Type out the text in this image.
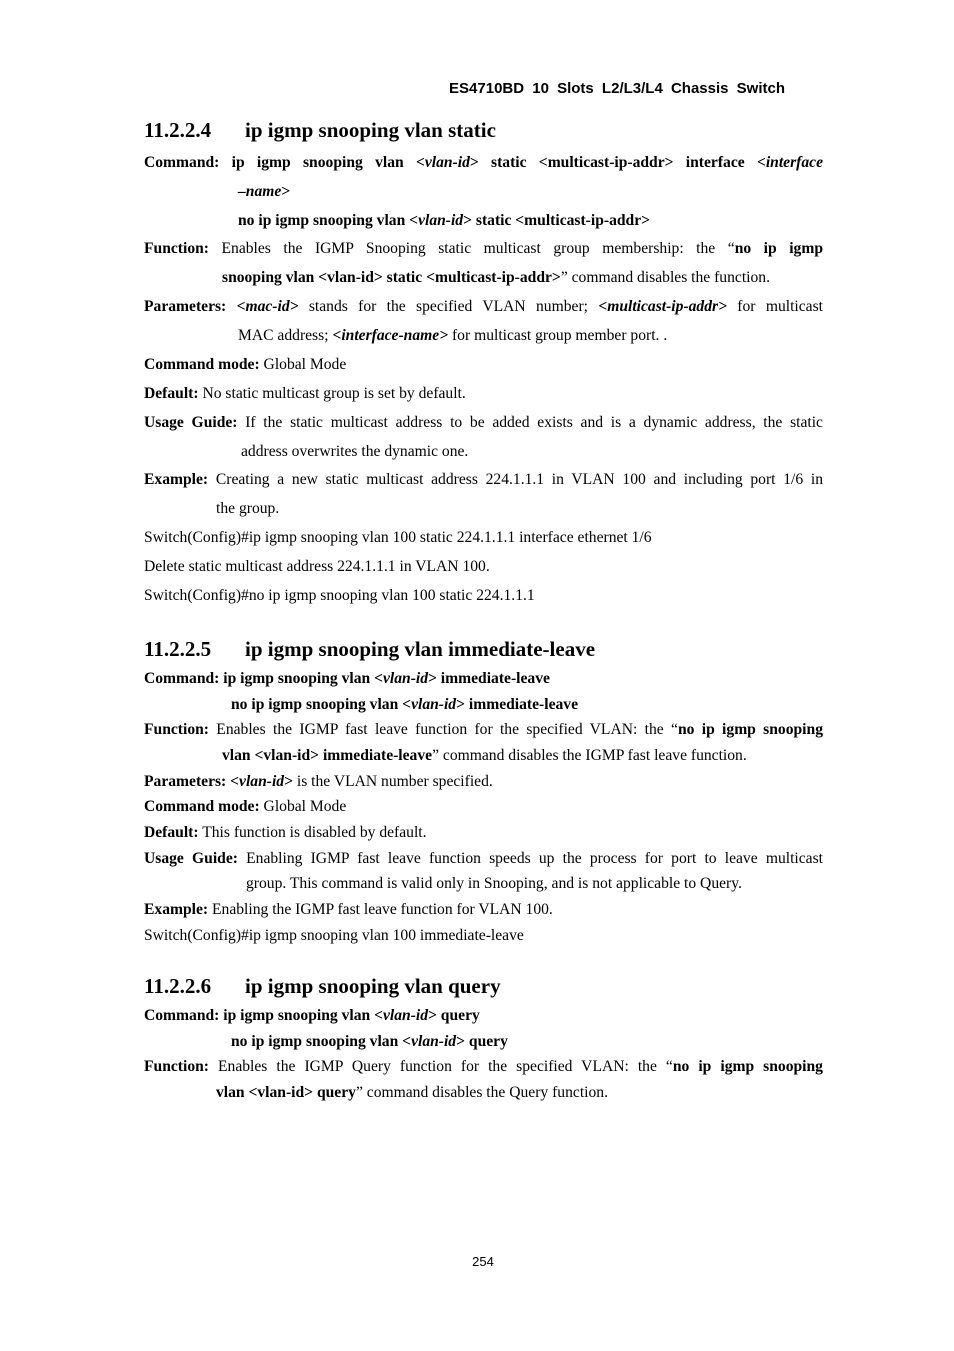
ES4710BD 10 Slots L2/L3/L4 Chassis Switch
11.2.2.4 ip igmp snooping vlan static
Command: ip igmp snooping vlan <vlan-id> static <multicast-ip-addr> interface <interface
–name>
no ip igmp snooping vlan <vlan-id> static <multicast-ip-addr>
Function: Enables the IGMP Snooping static multicast group membership: the “no ip igmp
snooping vlan <vlan-id> static <multicast-ip-addr>” command disables the function.
Parameters: <mac-id> stands for the specified VLAN number; <multicast-ip-addr> for multicast
MAC address; <interface-name> for multicast group member port. .
Command mode: Global Mode
Default: No static multicast group is set by default.
Usage Guide: If the static multicast address to be added exists and is a dynamic address, the static
address overwrites the dynamic one.
Example: Creating a new static multicast address 224.1.1.1 in VLAN 100 and including port 1/6 in
the group.
Switch(Config)#ip igmp snooping vlan 100 static 224.1.1.1 interface ethernet 1/6
Delete static multicast address 224.1.1.1 in VLAN 100.
Switch(Config)#no ip igmp snooping vlan 100 static 224.1.1.1
11.2.2.5 ip igmp snooping vlan immediate-leave
Command: ip igmp snooping vlan <vlan-id> immediate-leave
no ip igmp snooping vlan <vlan-id> immediate-leave
Function: Enables the IGMP fast leave function for the specified VLAN: the “no ip igmp snooping
vlan <vlan-id> immediate-leave” command disables the IGMP fast leave function.
Parameters: <vlan-id> is the VLAN number specified.
Command mode: Global Mode
Default: This function is disabled by default.
Usage Guide: Enabling IGMP fast leave function speeds up the process for port to leave multicast
group. This command is valid only in Snooping, and is not applicable to Query.
Example: Enabling the IGMP fast leave function for VLAN 100.
Switch(Config)#ip igmp snooping vlan 100 immediate-leave
11.2.2.6 ip igmp snooping vlan query
Command: ip igmp snooping vlan <vlan-id> query
no ip igmp snooping vlan <vlan-id> query
Function: Enables the IGMP Query function for the specified VLAN: the “no ip igmp snooping
vlan <vlan-id> query” command disables the Query function.
254
